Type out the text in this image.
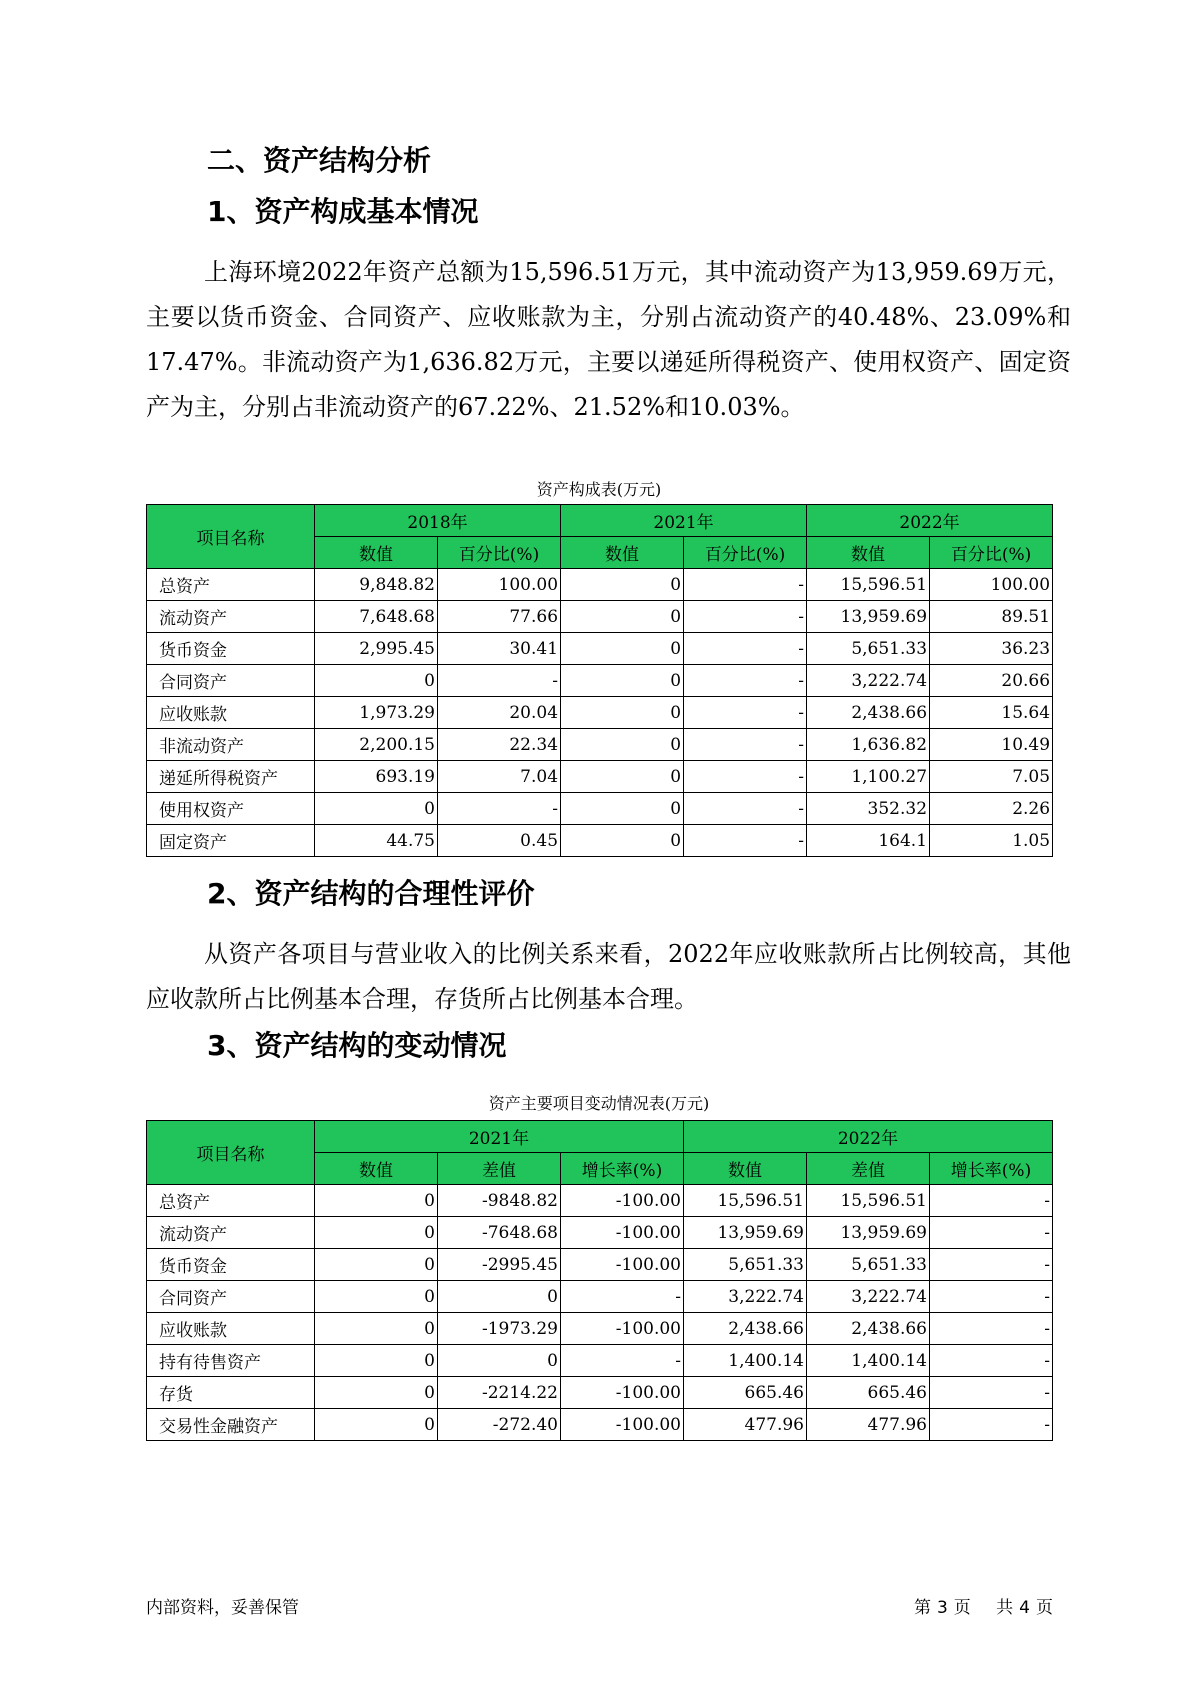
二、资产结构分析
1、资产构成基本情况

上海环境2022年资产总额为15,596.51万元，其中流动资产为13,959.69万元，主要以货币资金、合同资产、应收账款为主，分别占流动资产的40.48%、23.09%和17.47%。非流动资产为1,636.82万元，主要以递延所得税资产、使用权资产、固定资产为主，分别占非流动资产的67.22%、21.52%和10.03%。

资产构成表(万元)

项目名称	2018年		2021年		2022年	
	数值	百分比(%)	数值	百分比(%)	数值	百分比(%)
总资产	9,848.82	100.00	0	-	15,596.51	100.00
流动资产	7,648.68	77.66	0	-	13,959.69	89.51
货币资金	2,995.45	30.41	0	-	5,651.33	36.23
合同资产	0	-	0	-	3,222.74	20.66
应收账款	1,973.29	20.04	0	-	2,438.66	15.64
非流动资产	2,200.15	22.34	0	-	1,636.82	10.49
递延所得税资产	693.19	7.04	0	-	1,100.27	7.05
使用权资产	0	-	0	-	352.32	2.26
固定资产	44.75	0.45	0	-	164.1	1.05
2、资产结构的合理性评价

从资产各项目与营业收入的比例关系来看，2022年应收账款所占比例较高，其他应收款所占比例基本合理，存货所占比例基本合理。

3、资产结构的变动情况

资产主要项目变动情况表(万元)

项目名称	2021年			2022年		
	数值	差值	增长率(%)	数值	差值	增长率(%)
总资产	0	-9848.82	-100.00	15,596.51	15,596.51	-
流动资产	0	-7648.68	-100.00	13,959.69	13,959.69	-
货币资金	0	-2995.45	-100.00	5,651.33	5,651.33	-
合同资产	0	0	-	3,222.74	3,222.74	-
应收账款	0	-1973.29	-100.00	2,438.66	2,438.66	-
持有待售资产	0	0	-	1,400.14	1,400.14	-
存货	0	-2214.22	-100.00	665.46	665.46	-
交易性金融资产	0	-272.40	-100.00	477.96	477.96	-
内部资料，妥善保管	第 3 页 共 4 页
